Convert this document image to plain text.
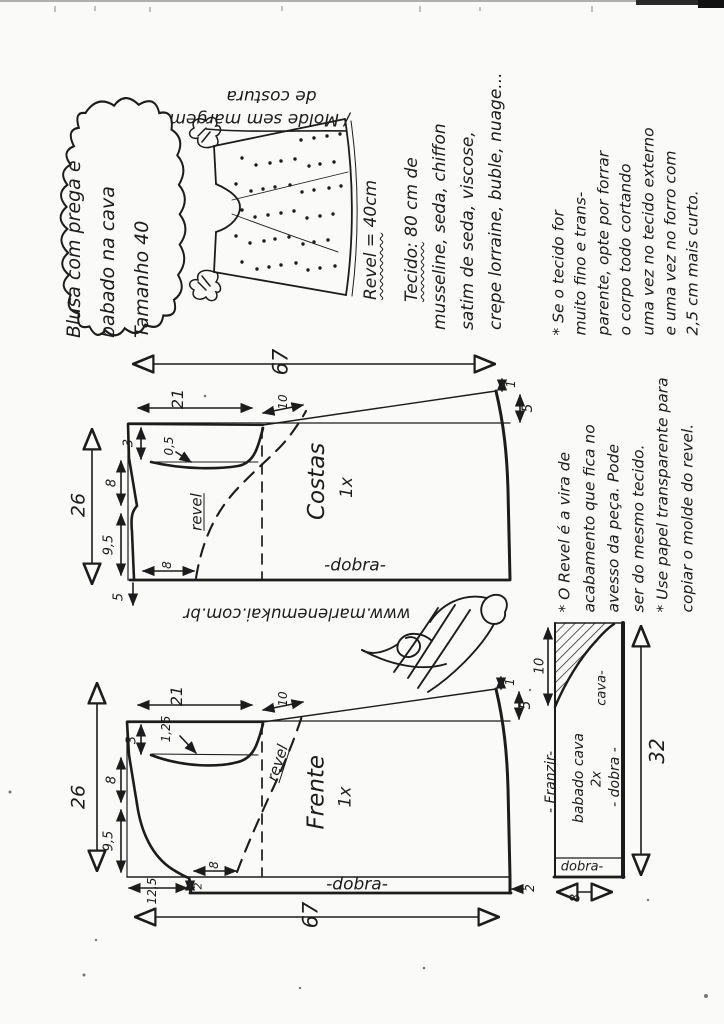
Blusa com prega e babado na cava Tamanho 40
/ Molde sem margem
de costura
Revel = 40cm
Tecido: 80 cm de musseline, seda, chiffon satim de seda, viscose, crepe lorraine, buble, nuage...	* Se o tecido for muito fino e trans- parente, opte por forrar o corpo todo cortando uma vez no tecido externo e uma vez no forro com 2,5 cm mais curto.
* O Revel é a vira de acabamento que fica no avesso da peça. Pode ser do mesmo tecido. * Use papel transparente para copiar o molde do revel.
www.marlenemukai.com.br
Costas 1x
-dobra-
revel
67
21	10
0,5
3
8
9,5
26
5
8
1
5
Frente 1x
-dobra-
revel
67
21	10
1,25
3
8
9,5
26
12,5	2
8
1
5
2
babado cava 2x
- Franzir-	- dobra -
dobra-
cava-
10
32
8
